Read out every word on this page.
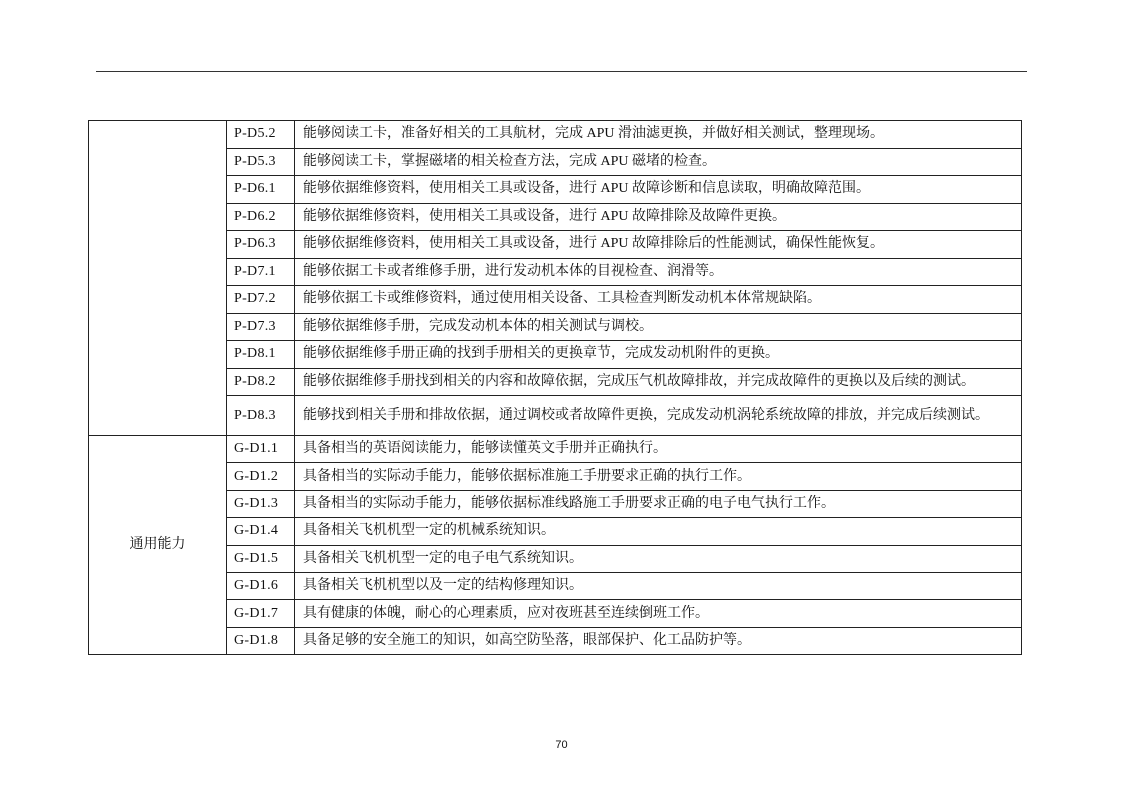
	P-D5.2	能够阅读工卡，准备好相关的工具航材，完成 APU 滑油滤更换，并做好相关测试，整理现场。
	P-D5.3	能够阅读工卡，掌握磁堵的相关检查方法，完成 APU 磁堵的检查。
	P-D6.1	能够依据维修资料，使用相关工具或设备，进行 APU 故障诊断和信息读取，明确故障范围。
	P-D6.2	能够依据维修资料，使用相关工具或设备，进行 APU 故障排除及故障件更换。
	P-D6.3	能够依据维修资料，使用相关工具或设备，进行 APU 故障排除后的性能测试，确保性能恢复。
	P-D7.1	能够依据工卡或者维修手册，进行发动机本体的目视检查、润滑等。
	P-D7.2	能够依据工卡或维修资料，通过使用相关设备、工具检查判断发动机本体常规缺陷。
	P-D7.3	能够依据维修手册，完成发动机本体的相关测试与调校。
	P-D8.1	能够依据维修手册正确的找到手册相关的更换章节，完成发动机附件的更换。
	P-D8.2	能够依据维修手册找到相关的内容和故障依据，完成压气机故障排故，并完成故障件的更换以及后续的测试。
	P-D8.3	能够找到相关手册和排故依据，通过调校或者故障件更换，完成发动机涡轮系统故障的排放，并完成后续测试。
通用能力	G-D1.1	具备相当的英语阅读能力，能够读懂英文手册并正确执行。
	G-D1.2	具备相当的实际动手能力，能够依据标准施工手册要求正确的执行工作。
	G-D1.3	具备相当的实际动手能力，能够依据标准线路施工手册要求正确的电子电气执行工作。
	G-D1.4	具备相关飞机机型一定的机械系统知识。
	G-D1.5	具备相关飞机机型一定的电子电气系统知识。
	G-D1.6	具备相关飞机机型以及一定的结构修理知识。
	G-D1.7	具有健康的体魄，耐心的心理素质，应对夜班甚至连续倒班工作。
	G-D1.8	具备足够的安全施工的知识，如高空防坠落，眼部保护、化工品防护等。
70
